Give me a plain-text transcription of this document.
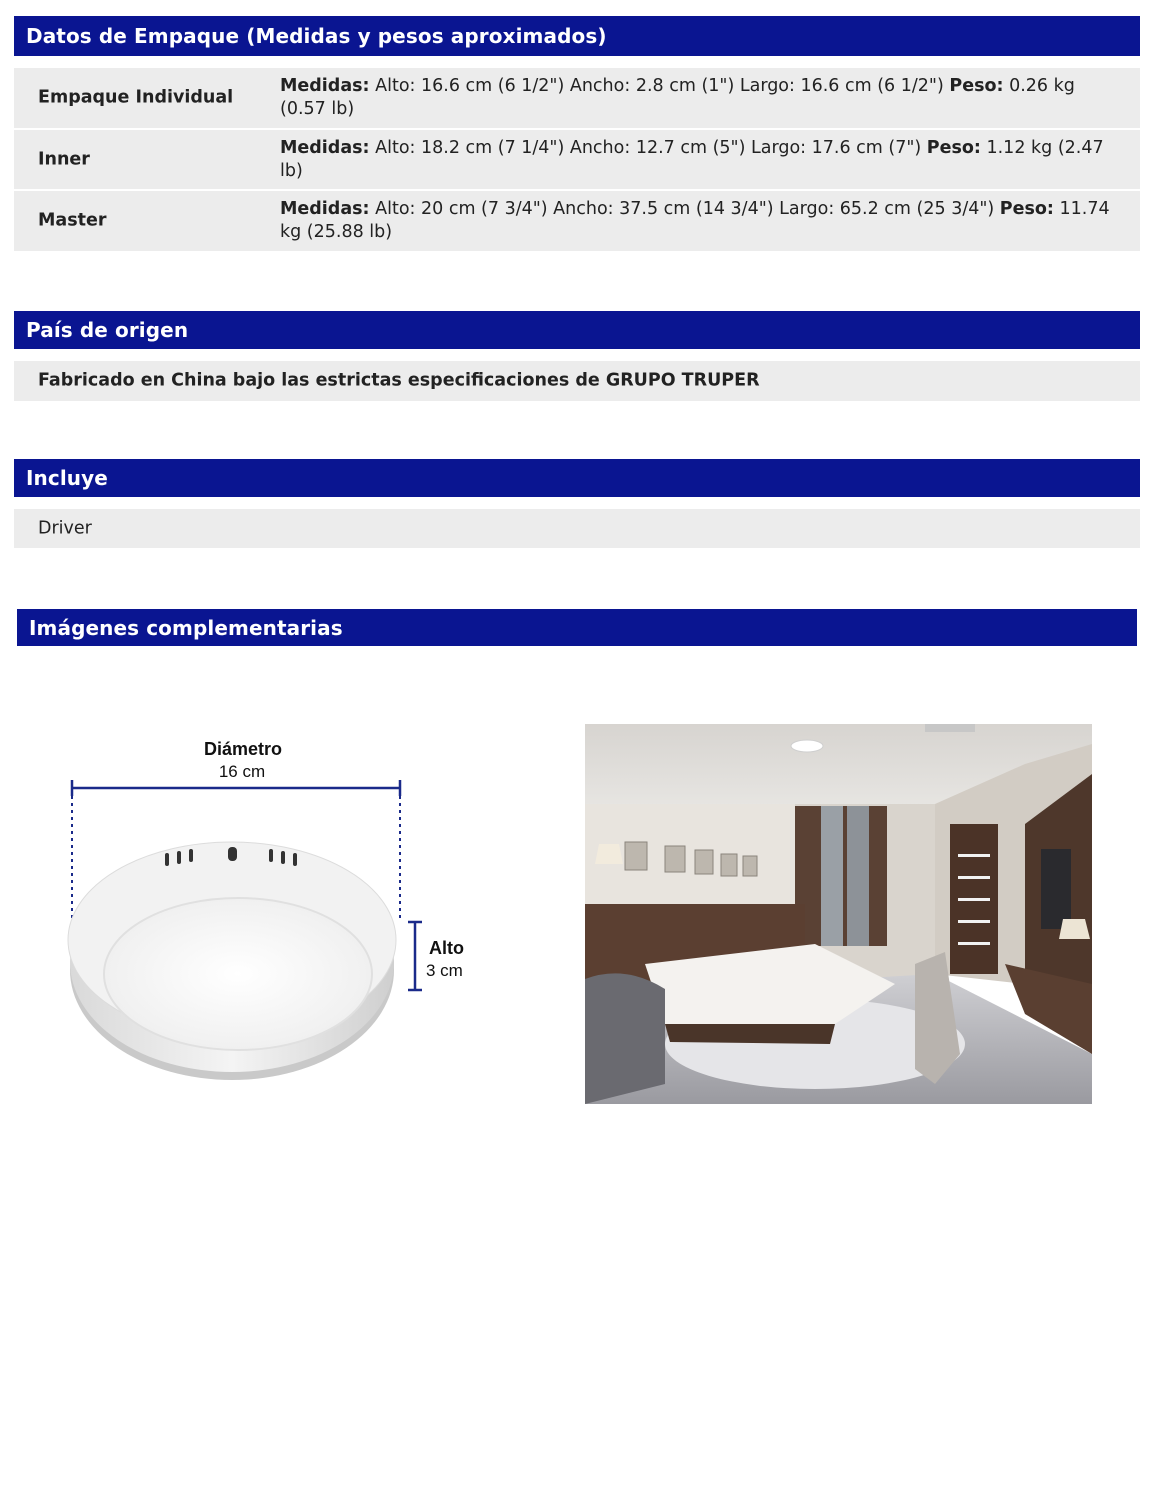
Datos de Empaque (Medidas y pesos aproximados)
Empaque Individual
Medidas: Alto: 16.6 cm (6 1/2") Ancho: 2.8 cm (1") Largo: 16.6 cm (6 1/2") Peso: 0.26 kg (0.57 lb)
Inner
Medidas: Alto: 18.2 cm (7 1/4") Ancho: 12.7 cm (5") Largo: 17.6 cm (7") Peso: 1.12 kg (2.47 lb)
Master
Medidas: Alto: 20 cm (7 3/4") Ancho: 37.5 cm (14 3/4") Largo: 65.2 cm (25 3/4") Peso: 11.74 kg (25.88 lb)
País de origen
Fabricado en China bajo las estrictas especificaciones de GRUPO TRUPER
Incluye
Driver
Imágenes complementarias
Diámetro
16 cm
Alto
3 cm
